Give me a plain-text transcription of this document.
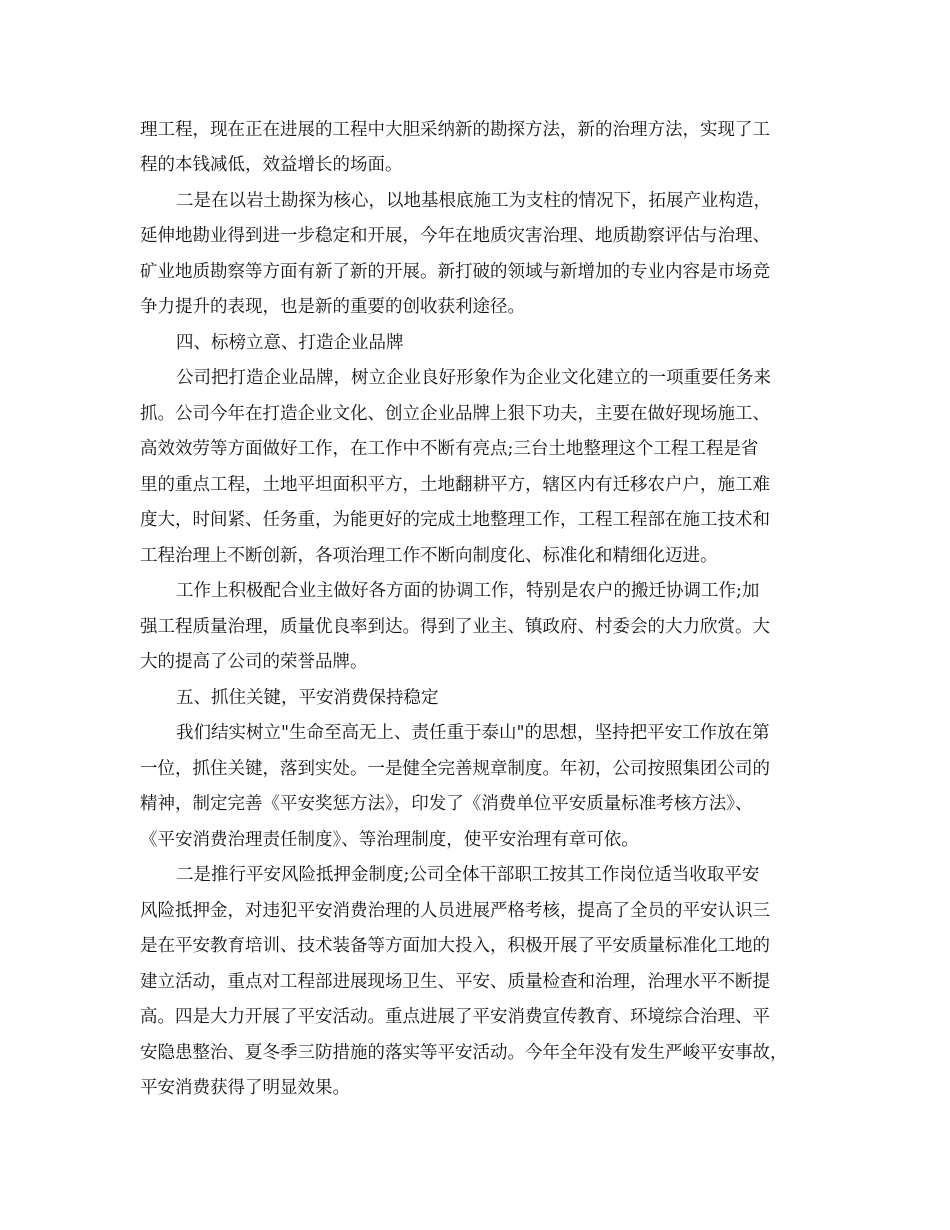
理工程，现在正在进展的工程中大胆采纳新的勘探方法，新的治理方法，实现了工
程的本钱减低，效益增长的场面。
二是在以岩土勘探为核心，以地基根底施工为支柱的情况下，拓展产业构造，
延伸地勘业得到进一步稳定和开展，今年在地质灾害治理、地质勘察评估与治理、
矿业地质勘察等方面有新了新的开展。新打破的领域与新增加的专业内容是市场竞
争力提升的表现，也是新的重要的创收获利途径。
四、标榜立意、打造企业品牌
公司把打造企业品牌，树立企业良好形象作为企业文化建立的一项重要任务来
抓。公司今年在打造企业文化、创立企业品牌上狠下功夫，主要在做好现场施工、
高效效劳等方面做好工作，在工作中不断有亮点;三台土地整理这个工程工程是省
里的重点工程，土地平坦面积平方，土地翻耕平方，辖区内有迁移农户户，施工难
度大，时间紧、任务重，为能更好的完成土地整理工作，工程工程部在施工技术和
工程治理上不断创新，各项治理工作不断向制度化、标准化和精细化迈进。
工作上积极配合业主做好各方面的协调工作，特别是农户的搬迁协调工作;加
强工程质量治理，质量优良率到达。得到了业主、镇政府、村委会的大力欣赏。大
大的提高了公司的荣誉品牌。
五、抓住关键，平安消费保持稳定
我们结实树立"生命至高无上、责任重于泰山"的思想，坚持把平安工作放在第
一位，抓住关键，落到实处。一是健全完善规章制度。年初，公司按照集团公司的
精神，制定完善《平安奖惩方法》，印发了《消费单位平安质量标准考核方法》、
《平安消费治理责任制度》、等治理制度，使平安治理有章可依。
二是推行平安风险抵押金制度;公司全体干部职工按其工作岗位适当收取平安
风险抵押金，对违犯平安消费治理的人员进展严格考核，提高了全员的平安认识三
是在平安教育培训、技术装备等方面加大投入，积极开展了平安质量标准化工地的
建立活动，重点对工程部进展现场卫生、平安、质量检查和治理，治理水平不断提
高。四是大力开展了平安活动。重点进展了平安消费宣传教育、环境综合治理、平
安隐患整治、夏冬季三防措施的落实等平安活动。今年全年没有发生严峻平安事故，
平安消费获得了明显效果。
